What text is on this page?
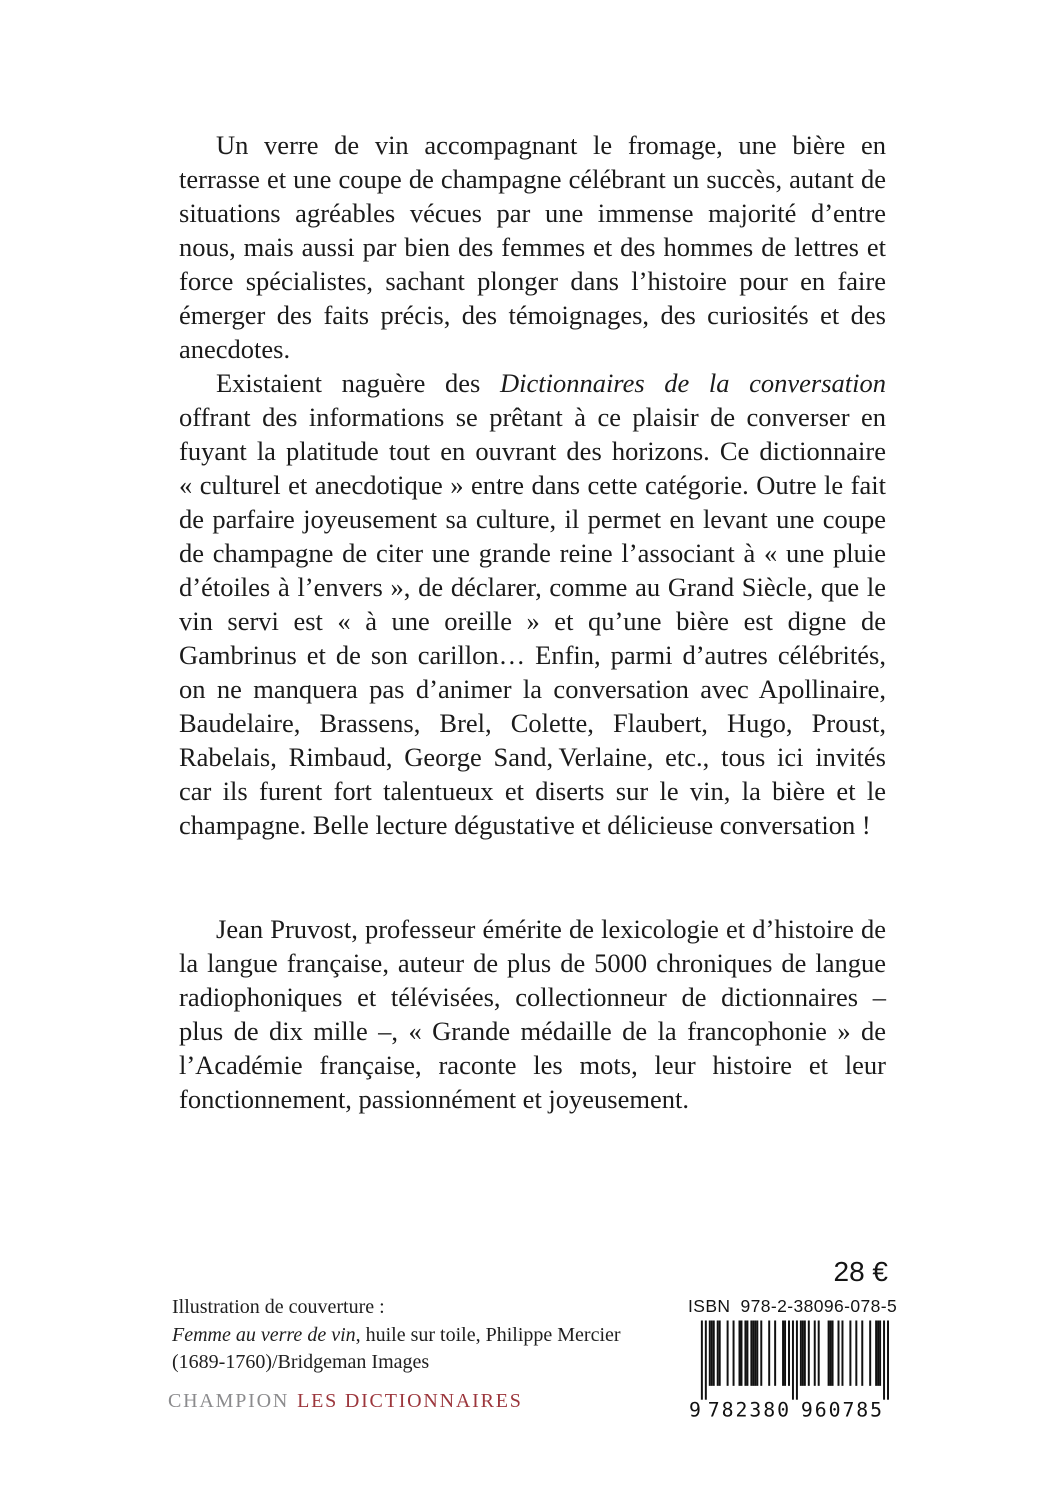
Un verre de vin accompagnant le fromage, une bière en terrasse et une coupe de champagne célébrant un succès, autant de situations agréables vécues par une immense majorité d’entre nous, mais aussi par bien des femmes et des hommes de lettres et force spécialistes, sachant plonger dans l’histoire pour en faire émerger des faits précis, des témoignages, des curiosités et des anecdotes.

Existaient naguère des Dictionnaires de la conversation offrant des informations se prêtant à ce plaisir de converser en fuyant la platitude tout en ouvrant des horizons. Ce dictionnaire « culturel et anecdotique » entre dans cette catégorie. Outre le fait de parfaire joyeusement sa culture, il permet en levant une coupe de champagne de citer une grande reine l’associant à « une pluie d’étoiles à l’envers », de déclarer, comme au Grand Siècle, que le vin servi est « à une oreille » et qu’une bière est digne de Gambrinus et de son carillon… Enfin, parmi d’autres célébrités, on ne manquera pas d’animer la conversation avec Apollinaire, Baudelaire, Brassens, Brel, Colette, Flaubert, Hugo, Proust, Rabelais, Rimbaud, George Sand, Verlaine, etc., tous ici invités car ils furent fort talentueux et diserts sur le vin, la bière et le champagne. Belle lecture dégustative et délicieuse conversation !

Jean Pruvost, professeur émérite de lexicologie et d’histoire de la langue française, auteur de plus de 5000 chroniques de langue radiophoniques et télévisées, collectionneur de dictionnaires – plus de dix mille –, « Grande médaille de la francophonie » de l’Académie française, raconte les mots, leur histoire et leur fonctionnement, passionnément et joyeusement.

28 €
ISBN 978-2-38096-078-5
9 7 8 2 3 8 0 9 6 0 7 8 5
Illustration de couverture :
Femme au verre de vin, huile sur toile, Philippe Mercier
(1689-1760)/Bridgeman Images
CHAMPION LES DICTIONNAIRES
